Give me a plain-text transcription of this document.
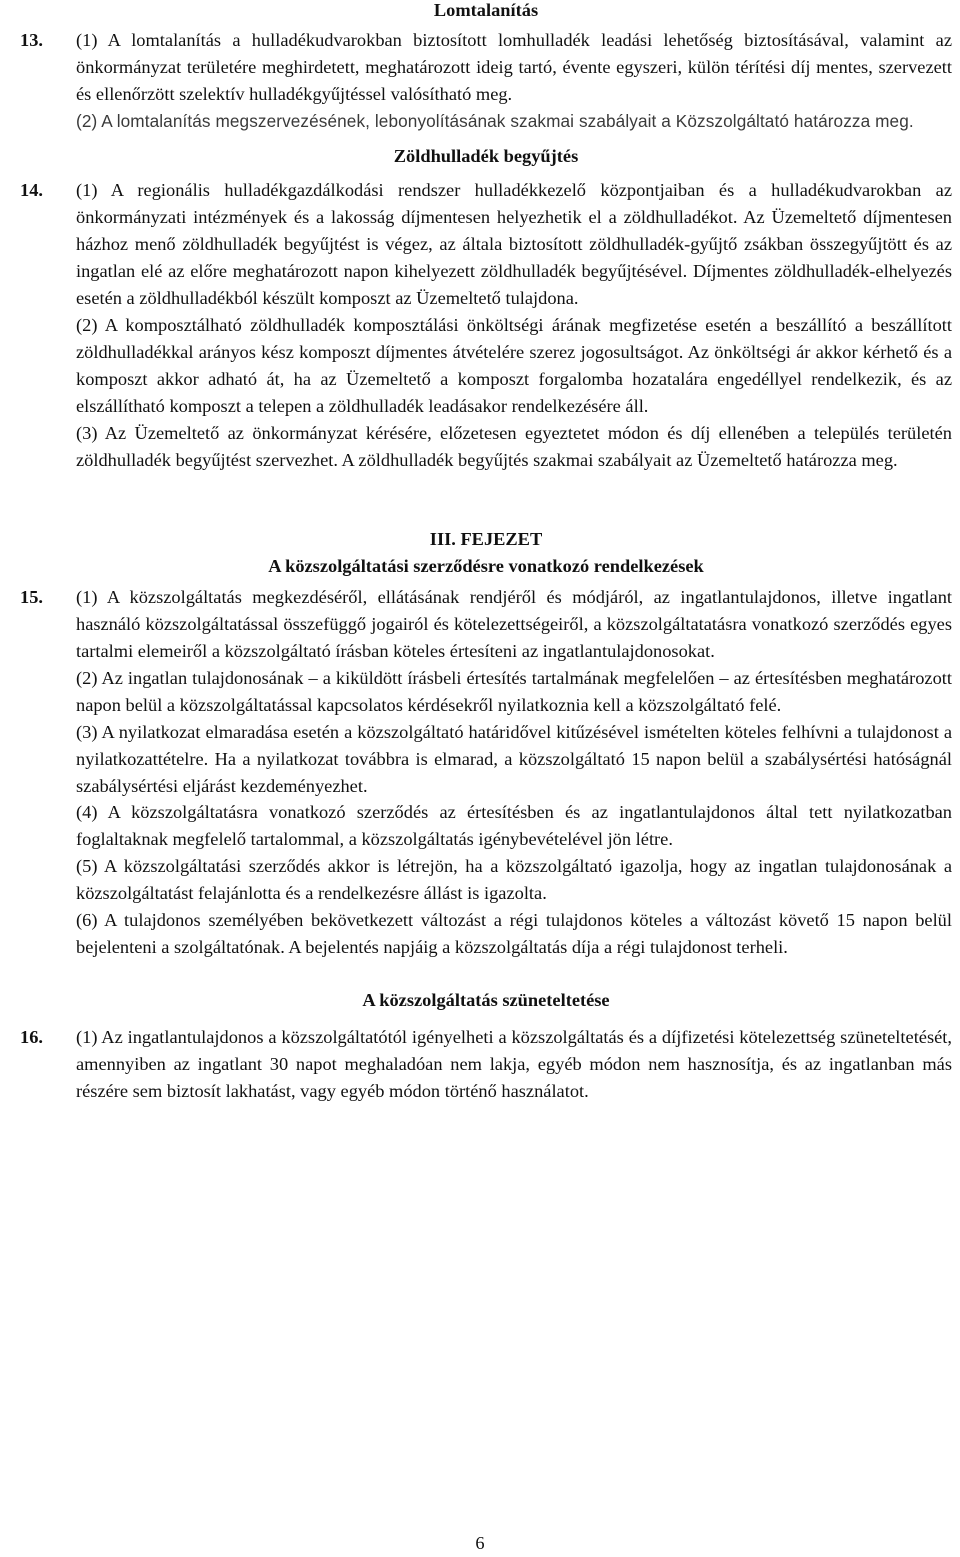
Lomtalanítás

13. (1) A lomtalanítás a hulladékudvarokban biztosított lomhulladék leadási lehetőség biztosításával, valamint az önkormányzat területére meghirdetett, meghatározott ideig tartó, évente egyszeri, külön térítési díj mentes, szervezett és ellenőrzött szelektív hulladékgyűjtéssel valósítható meg.

(2) A lomtalanítás megszervezésének, lebonyolításának szakmai szabályait a Közszolgáltató határozza meg.

Zöldhulladék begyűjtés

14. (1) A regionális hulladékgazdálkodási rendszer hulladékkezelő központjaiban és a hulladékudvarokban az önkormányzati intézmények és a lakosság díjmentesen helyezhetik el a zöldhulladékot. Az Üzemeltető díjmentesen házhoz menő zöldhulladék begyűjtést is végez, az általa biztosított zöldhulladék-gyűjtő zsákban összegyűjtött és az ingatlan elé az előre meghatározott napon kihelyezett zöldhulladék begyűjtésével. Díjmentes zöldhulladék-elhelyezés esetén a zöldhulladékból készült komposzt az Üzemeltető tulajdona.

(2) A komposztálható zöldhulladék komposztálási önköltségi árának megfizetése esetén a beszállító a beszállított zöldhulladékkal arányos kész komposzt díjmentes átvételére szerez jogosultságot. Az önköltségi ár akkor kérhető és a komposzt akkor adható át, ha az Üzemeltető a komposzt forgalomba hozatalára engedéllyel rendelkezik, és az elszállítható komposzt a telepen a zöldhulladék leadásakor rendelkezésére áll.

(3) Az Üzemeltető az önkormányzat kérésére, előzetesen egyeztetet módon és díj ellenében a település területén zöldhulladék begyűjtést szervezhet. A zöldhulladék begyűjtés szakmai szabályait az Üzemeltető határozza meg.

III. FEJEZET

A közszolgáltatási szerződésre vonatkozó rendelkezések

15. (1) A közszolgáltatás megkezdéséről, ellátásának rendjéről és módjáról, az ingatlantulajdonos, illetve ingatlant használó közszolgáltatással összefüggő jogairól és kötelezettségeiről, a közszolgáltatatásra vonatkozó szerződés egyes tartalmi elemeiről a közszolgáltató írásban köteles értesíteni az ingatlantulajdonosokat.

(2) Az ingatlan tulajdonosának – a kiküldött írásbeli értesítés tartalmának megfelelően – az értesítésben meghatározott napon belül a közszolgáltatással kapcsolatos kérdésekről nyilatkoznia kell a közszolgáltató felé.

(3) A nyilatkozat elmaradása esetén a közszolgáltató határidővel kitűzésével ismételten köteles felhívni a tulajdonost a nyilatkozattételre. Ha a nyilatkozat továbbra is elmarad, a közszolgáltató 15 napon belül a szabálysértési hatóságnál szabálysértési eljárást kezdeményezhet.

(4) A közszolgáltatásra vonatkozó szerződés az értesítésben és az ingatlantulajdonos által tett nyilatkozatban foglaltaknak megfelelő tartalommal, a közszolgáltatás igénybevételével jön létre.

(5) A közszolgáltatási szerződés akkor is létrejön, ha a közszolgáltató igazolja, hogy az ingatlan tulajdonosának a közszolgáltatást felajánlotta és a rendelkezésre állást is igazolta.

(6) A tulajdonos személyében bekövetkezett változást a régi tulajdonos köteles a változást követő 15 napon belül bejelenteni a szolgáltatónak. A bejelentés napjáig a közszolgáltatás díja a régi tulajdonost terheli.

A közszolgáltatás szüneteltetése

16. (1) Az ingatlantulajdonos a közszolgáltatótól igényelheti a közszolgáltatás és a díjfizetési kötelezettség szüneteltetését, amennyiben az ingatlant 30 napot meghaladóan nem lakja, egyéb módon nem hasznosítja, és az ingatlanban más részére sem biztosít lakhatást, vagy egyéb módon történő használatot.

6
